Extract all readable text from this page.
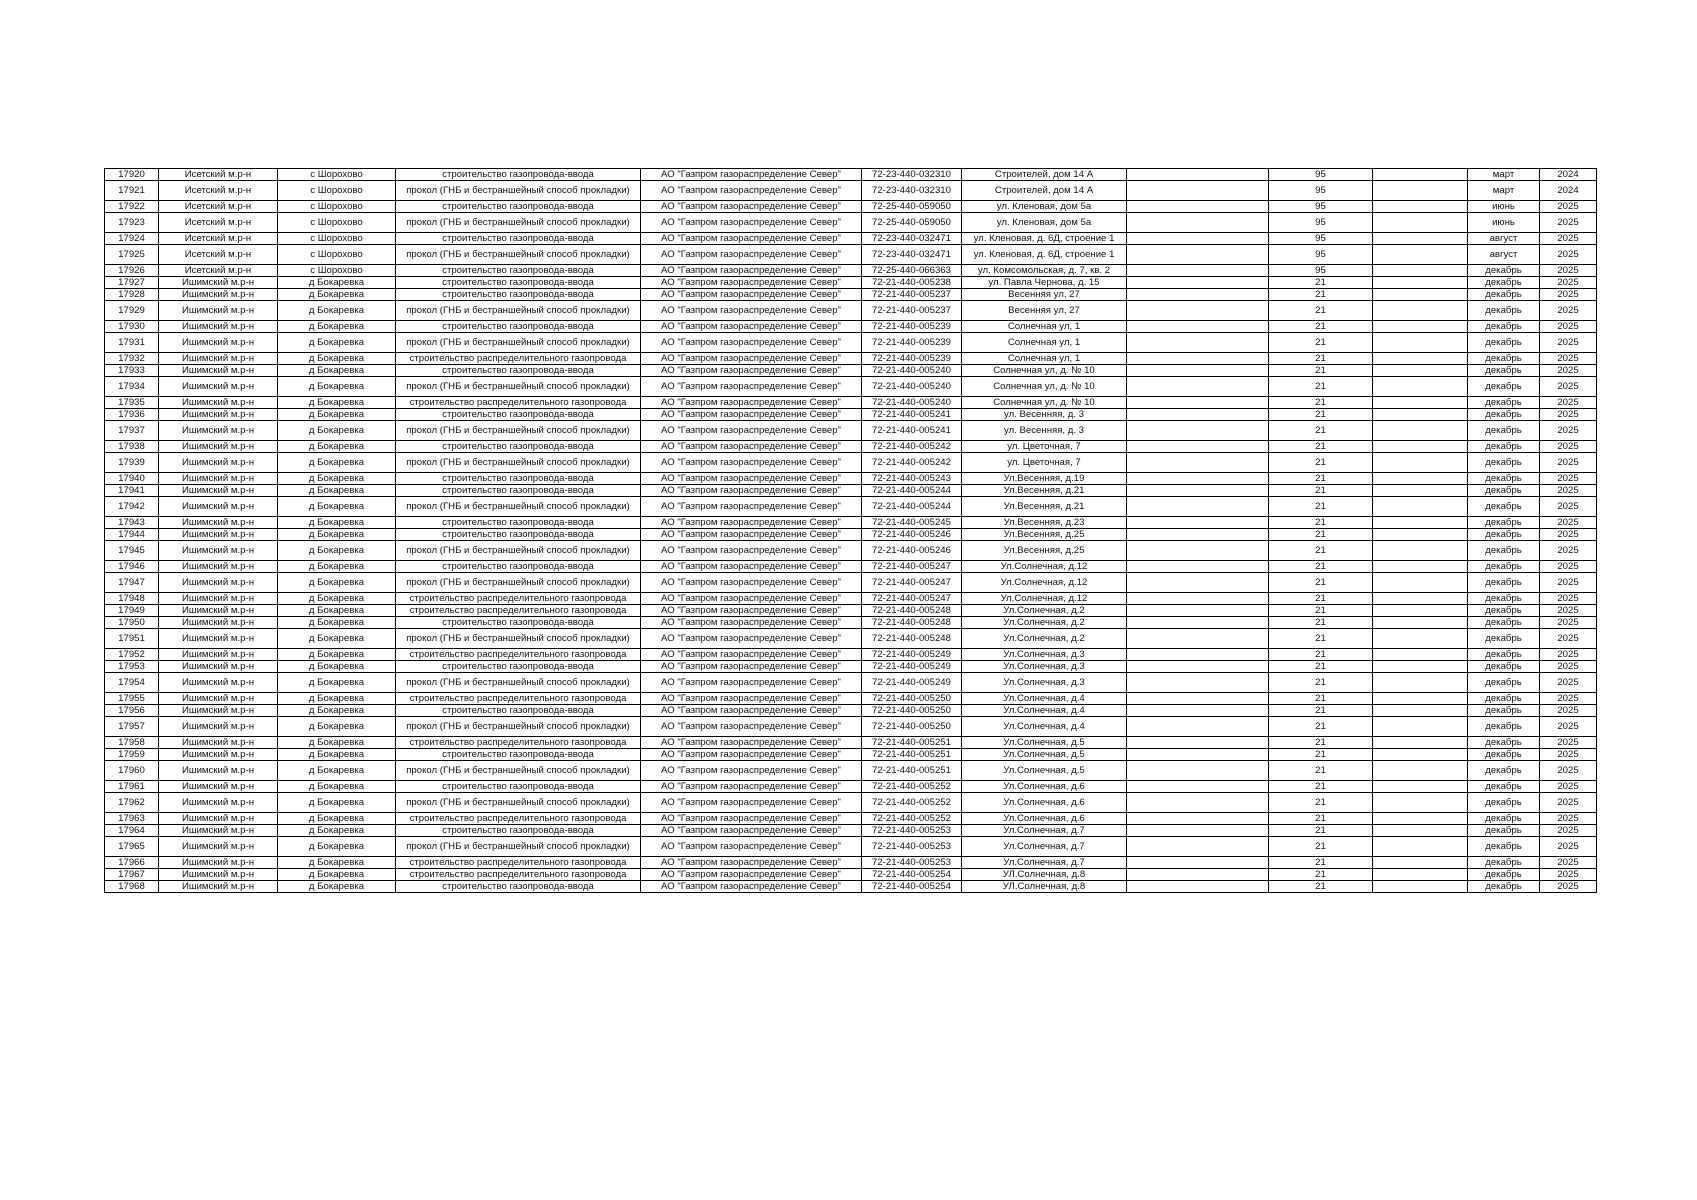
17920	Исетский м.р-н	с Шорохово	строительство газопровода-ввода	АО "Газпром газораспределение Север"	72-23-440-032310	Строителей, дом 14 А		95		март	2024
17921	Исетский м.р-н	с Шорохово	прокол (ГНБ и бестраншейный способ прокладки)	АО "Газпром газораспределение Север"	72-23-440-032310	Строителей, дом 14 А		95		март	2024
17922	Исетский м.р-н	с Шорохово	строительство газопровода-ввода	АО "Газпром газораспределение Север"	72-25-440-059050	ул. Кленовая, дом 5а		95		июнь	2025
17923	Исетский м.р-н	с Шорохово	прокол (ГНБ и бестраншейный способ прокладки)	АО "Газпром газораспределение Север"	72-25-440-059050	ул. Кленовая, дом 5а		95		июнь	2025
17924	Исетский м.р-н	с Шорохово	строительство газопровода-ввода	АО "Газпром газораспределение Север"	72-23-440-032471	ул. Кленовая, д. 6Д, строение 1		95		август	2025
17925	Исетский м.р-н	с Шорохово	прокол (ГНБ и бестраншейный способ прокладки)	АО "Газпром газораспределение Север"	72-23-440-032471	ул. Кленовая, д. 6Д, строение 1		95		август	2025
17926	Исетский м.р-н	с Шорохово	строительство газопровода-ввода	АО "Газпром газораспределение Север"	72-25-440-066363	ул. Комсомольская, д. 7, кв. 2		95		декабрь	2025
17927	Ишимский м.р-н	д Бокаревка	строительство газопровода-ввода	АО "Газпром газораспределение Север"	72-21-440-005238	ул. Павла Чернова, д. 15		21		декабрь	2025
17928	Ишимский м.р-н	д Бокаревка	строительство газопровода-ввода	АО "Газпром газораспределение Север"	72-21-440-005237	Весенняя ул, 27		21		декабрь	2025
17929	Ишимский м.р-н	д Бокаревка	прокол (ГНБ и бестраншейный способ прокладки)	АО "Газпром газораспределение Север"	72-21-440-005237	Весенняя ул, 27		21		декабрь	2025
17930	Ишимский м.р-н	д Бокаревка	строительство газопровода-ввода	АО "Газпром газораспределение Север"	72-21-440-005239	Солнечная ул, 1		21		декабрь	2025
17931	Ишимский м.р-н	д Бокаревка	прокол (ГНБ и бестраншейный способ прокладки)	АО "Газпром газораспределение Север"	72-21-440-005239	Солнечная ул, 1		21		декабрь	2025
17932	Ишимский м.р-н	д Бокаревка	строительство распределительного газопровода	АО "Газпром газораспределение Север"	72-21-440-005239	Солнечная ул, 1		21		декабрь	2025
17933	Ишимский м.р-н	д Бокаревка	строительство газопровода-ввода	АО "Газпром газораспределение Север"	72-21-440-005240	Солнечная ул, д. № 10		21		декабрь	2025
17934	Ишимский м.р-н	д Бокаревка	прокол (ГНБ и бестраншейный способ прокладки)	АО "Газпром газораспределение Север"	72-21-440-005240	Солнечная ул, д. № 10		21		декабрь	2025
17935	Ишимский м.р-н	д Бокаревка	строительство распределительного газопровода	АО "Газпром газораспределение Север"	72-21-440-005240	Солнечная ул, д. № 10		21		декабрь	2025
17936	Ишимский м.р-н	д Бокаревка	строительство газопровода-ввода	АО "Газпром газораспределение Север"	72-21-440-005241	ул. Весенняя, д. 3		21		декабрь	2025
17937	Ишимский м.р-н	д Бокаревка	прокол (ГНБ и бестраншейный способ прокладки)	АО "Газпром газораспределение Север"	72-21-440-005241	ул. Весенняя, д. 3		21		декабрь	2025
17938	Ишимский м.р-н	д Бокаревка	строительство газопровода-ввода	АО "Газпром газораспределение Север"	72-21-440-005242	ул. Цветочная, 7		21		декабрь	2025
17939	Ишимский м.р-н	д Бокаревка	прокол (ГНБ и бестраншейный способ прокладки)	АО "Газпром газораспределение Север"	72-21-440-005242	ул. Цветочная, 7		21		декабрь	2025
17940	Ишимский м.р-н	д Бокаревка	строительство газопровода-ввода	АО "Газпром газораспределение Север"	72-21-440-005243	Ул.Весенняя, д.19		21		декабрь	2025
17941	Ишимский м.р-н	д Бокаревка	строительство газопровода-ввода	АО "Газпром газораспределение Север"	72-21-440-005244	Ул.Весенняя, д.21		21		декабрь	2025
17942	Ишимский м.р-н	д Бокаревка	прокол (ГНБ и бестраншейный способ прокладки)	АО "Газпром газораспределение Север"	72-21-440-005244	Ул.Весенняя, д.21		21		декабрь	2025
17943	Ишимский м.р-н	д Бокаревка	строительство газопровода-ввода	АО "Газпром газораспределение Север"	72-21-440-005245	Ул.Весенняя, д.23		21		декабрь	2025
17944	Ишимский м.р-н	д Бокаревка	строительство газопровода-ввода	АО "Газпром газораспределение Север"	72-21-440-005246	Ул.Весенняя, д.25		21		декабрь	2025
17945	Ишимский м.р-н	д Бокаревка	прокол (ГНБ и бестраншейный способ прокладки)	АО "Газпром газораспределение Север"	72-21-440-005246	Ул.Весенняя, д.25		21		декабрь	2025
17946	Ишимский м.р-н	д Бокаревка	строительство газопровода-ввода	АО "Газпром газораспределение Север"	72-21-440-005247	Ул.Солнечная, д.12		21		декабрь	2025
17947	Ишимский м.р-н	д Бокаревка	прокол (ГНБ и бестраншейный способ прокладки)	АО "Газпром газораспределение Север"	72-21-440-005247	Ул.Солнечная, д.12		21		декабрь	2025
17948	Ишимский м.р-н	д Бокаревка	строительство распределительного газопровода	АО "Газпром газораспределение Север"	72-21-440-005247	Ул.Солнечная, д.12		21		декабрь	2025
17949	Ишимский м.р-н	д Бокаревка	строительство распределительного газопровода	АО "Газпром газораспределение Север"	72-21-440-005248	Ул.Солнечная, д.2		21		декабрь	2025
17950	Ишимский м.р-н	д Бокаревка	строительство газопровода-ввода	АО "Газпром газораспределение Север"	72-21-440-005248	Ул.Солнечная, д.2		21		декабрь	2025
17951	Ишимский м.р-н	д Бокаревка	прокол (ГНБ и бестраншейный способ прокладки)	АО "Газпром газораспределение Север"	72-21-440-005248	Ул.Солнечная, д.2		21		декабрь	2025
17952	Ишимский м.р-н	д Бокаревка	строительство распределительного газопровода	АО "Газпром газораспределение Север"	72-21-440-005249	Ул.Солнечная, д.3		21		декабрь	2025
17953	Ишимский м.р-н	д Бокаревка	строительство газопровода-ввода	АО "Газпром газораспределение Север"	72-21-440-005249	Ул.Солнечная, д.3		21		декабрь	2025
17954	Ишимский м.р-н	д Бокаревка	прокол (ГНБ и бестраншейный способ прокладки)	АО "Газпром газораспределение Север"	72-21-440-005249	Ул.Солнечная, д.3		21		декабрь	2025
17955	Ишимский м.р-н	д Бокаревка	строительство распределительного газопровода	АО "Газпром газораспределение Север"	72-21-440-005250	Ул.Солнечная, д.4		21		декабрь	2025
17956	Ишимский м.р-н	д Бокаревка	строительство газопровода-ввода	АО "Газпром газораспределение Север"	72-21-440-005250	Ул.Солнечная, д.4		21		декабрь	2025
17957	Ишимский м.р-н	д Бокаревка	прокол (ГНБ и бестраншейный способ прокладки)	АО "Газпром газораспределение Север"	72-21-440-005250	Ул.Солнечная, д.4		21		декабрь	2025
17958	Ишимский м.р-н	д Бокаревка	строительство распределительного газопровода	АО "Газпром газораспределение Север"	72-21-440-005251	Ул.Солнечная, д.5		21		декабрь	2025
17959	Ишимский м.р-н	д Бокаревка	строительство газопровода-ввода	АО "Газпром газораспределение Север"	72-21-440-005251	Ул.Солнечная, д.5		21		декабрь	2025
17960	Ишимский м.р-н	д Бокаревка	прокол (ГНБ и бестраншейный способ прокладки)	АО "Газпром газораспределение Север"	72-21-440-005251	Ул.Солнечная, д.5		21		декабрь	2025
17961	Ишимский м.р-н	д Бокаревка	строительство газопровода-ввода	АО "Газпром газораспределение Север"	72-21-440-005252	Ул.Солнечная, д.6		21		декабрь	2025
17962	Ишимский м.р-н	д Бокаревка	прокол (ГНБ и бестраншейный способ прокладки)	АО "Газпром газораспределение Север"	72-21-440-005252	Ул.Солнечная, д.6		21		декабрь	2025
17963	Ишимский м.р-н	д Бокаревка	строительство распределительного газопровода	АО "Газпром газораспределение Север"	72-21-440-005252	Ул.Солнечная, д.6		21		декабрь	2025
17964	Ишимский м.р-н	д Бокаревка	строительство газопровода-ввода	АО "Газпром газораспределение Север"	72-21-440-005253	Ул.Солнечная, д.7		21		декабрь	2025
17965	Ишимский м.р-н	д Бокаревка	прокол (ГНБ и бестраншейный способ прокладки)	АО "Газпром газораспределение Север"	72-21-440-005253	Ул.Солнечная, д.7		21		декабрь	2025
17966	Ишимский м.р-н	д Бокаревка	строительство распределительного газопровода	АО "Газпром газораспределение Север"	72-21-440-005253	Ул.Солнечная, д.7		21		декабрь	2025
17967	Ишимский м.р-н	д Бокаревка	строительство распределительного газопровода	АО "Газпром газораспределение Север"	72-21-440-005254	УЛ.Солнечная, д.8		21		декабрь	2025
17968	Ишимский м.р-н	д Бокаревка	строительство газопровода-ввода	АО "Газпром газораспределение Север"	72-21-440-005254	УЛ.Солнечная, д.8		21		декабрь	2025
